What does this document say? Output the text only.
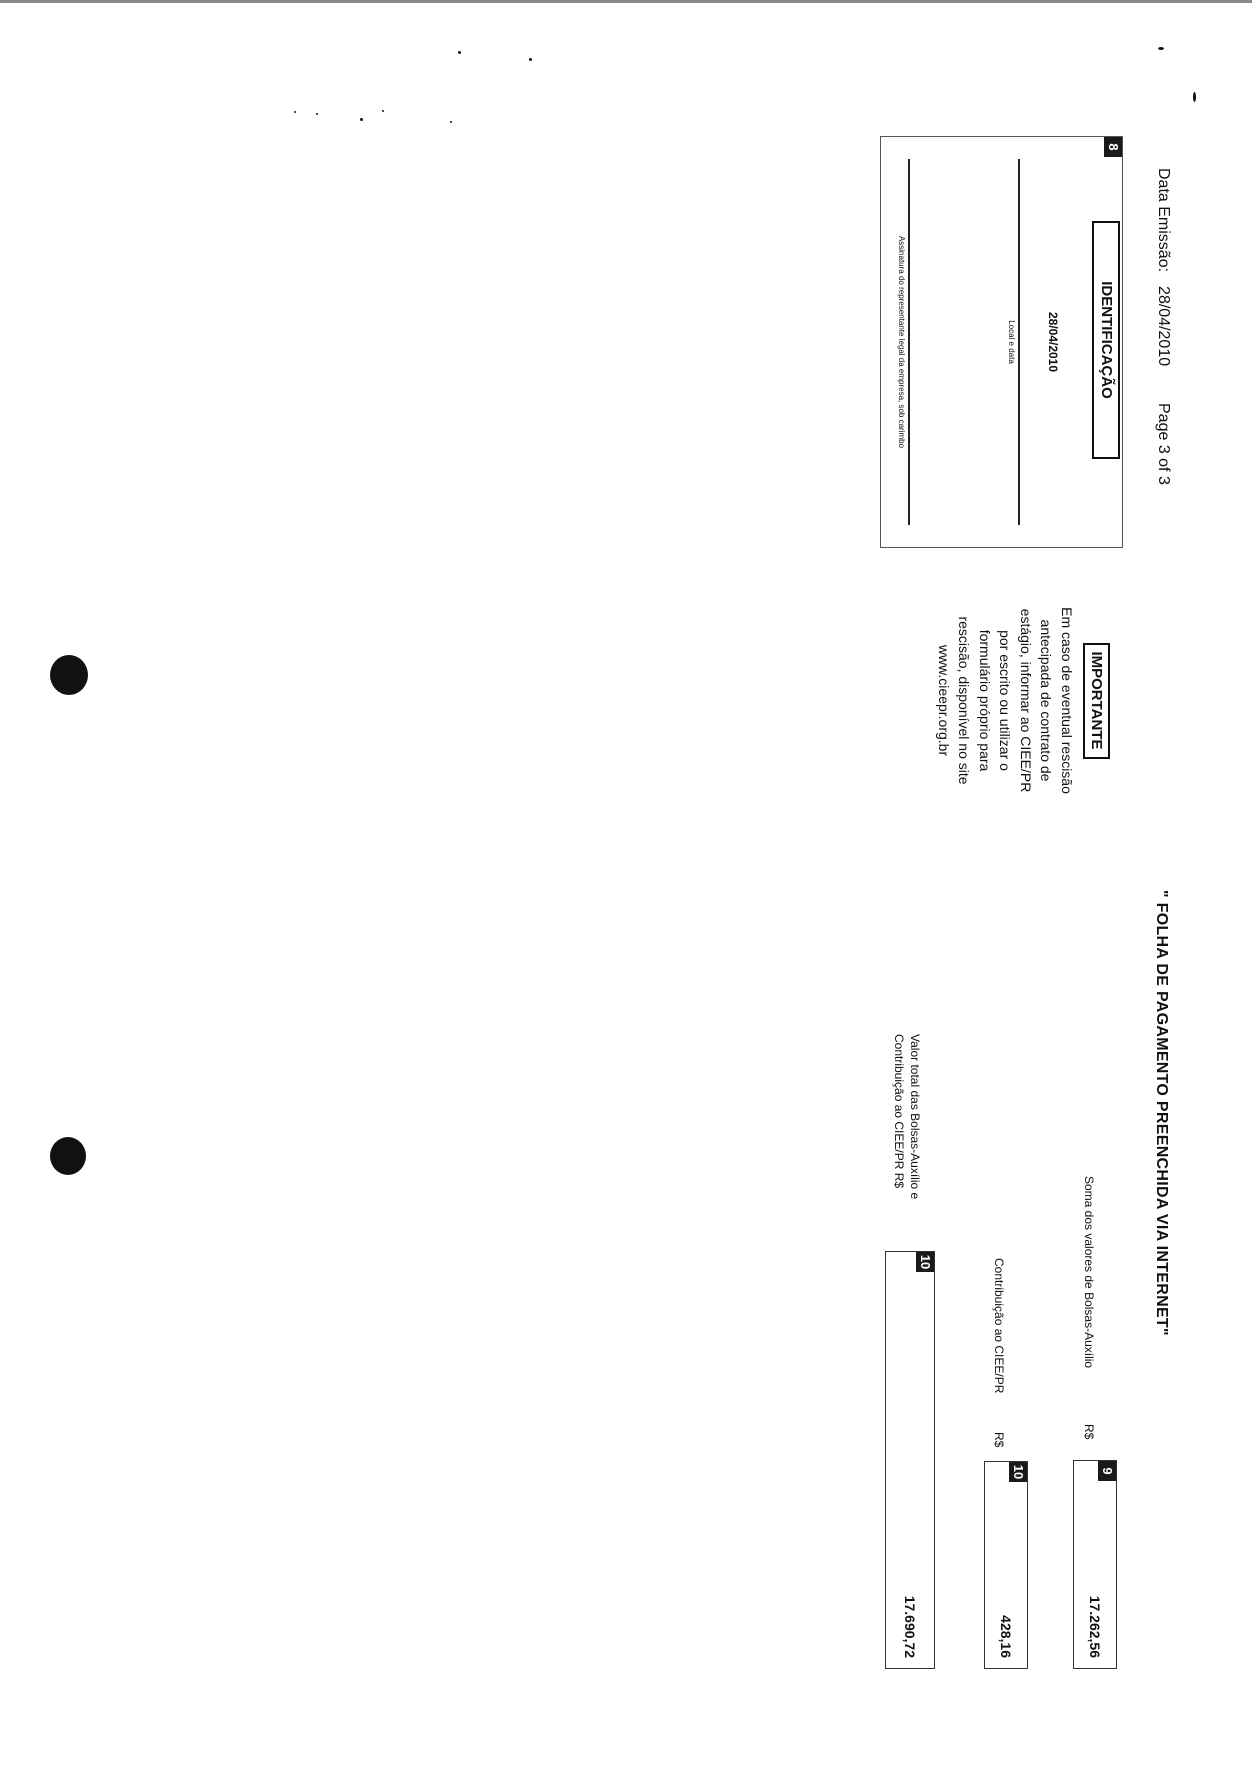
Data Emissão:28/04/2010
Page 3 of 3
" FOLHA DE PAGAMENTO PREENCHIDA VIA INTERNET"
8
IDENTIFICAÇÃO
28/04/2010
Local e data
Assinatura do representante legal da empresa, sob carimbo
IMPORTANTE
Em caso de eventual rescisão
antecipada de contrato de
estágio, informar ao CIEE/PR
por escrito ou utilizar o
formulário próprio para
rescisão, disponível no site
www.cieepr.org.br
Soma dos valores de Bolsas-Auxílio
R$
9
17.262,56
Contribuição ao CIEE/PR
R$
10
428,16
Valor total das Bolsas-Auxílio e
Contribuição ao CIEE/PR R$
10
17.690,72
